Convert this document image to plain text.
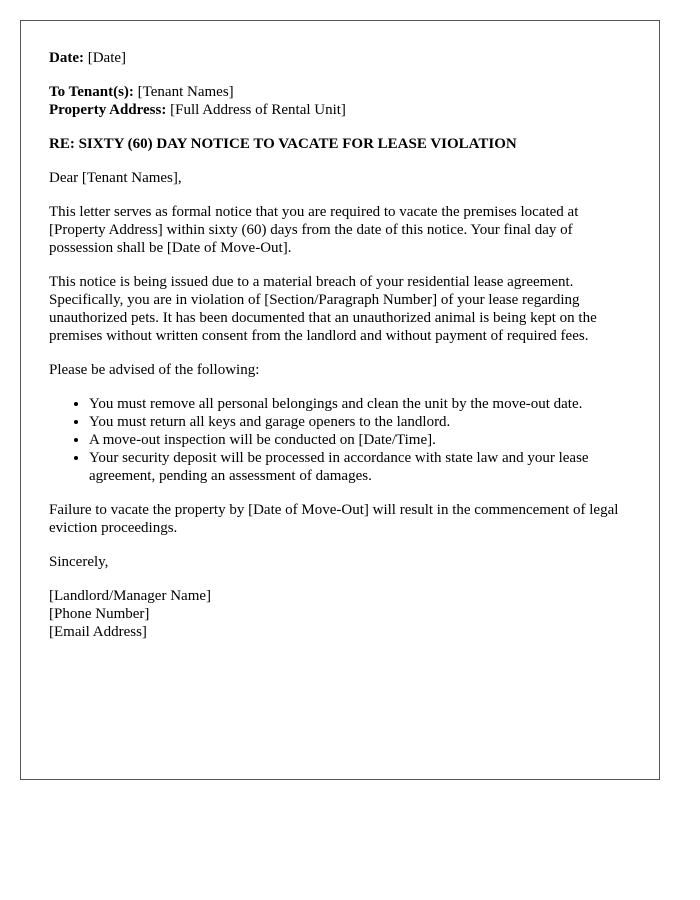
Date: [Date]

To Tenant(s): [Tenant Names]
Property Address: [Full Address of Rental Unit]

RE: SIXTY (60) DAY NOTICE TO VACATE FOR LEASE VIOLATION

Dear [Tenant Names],

This letter serves as formal notice that you are required to vacate the premises located at [Property Address] within sixty (60) days from the date of this notice. Your final day of possession shall be [Date of Move-Out].

This notice is being issued due to a material breach of your residential lease agreement. Specifically, you are in violation of [Section/Paragraph Number] of your lease regarding unauthorized pets. It has been documented that an unauthorized animal is being kept on the premises without written consent from the landlord and without payment of required fees.

Please be advised of the following:

• You must remove all personal belongings and clean the unit by the move-out date.
• You must return all keys and garage openers to the landlord.
• A move-out inspection will be conducted on [Date/Time].
• Your security deposit will be processed in accordance with state law and your lease agreement, pending an assessment of damages.

Failure to vacate the property by [Date of Move-Out] will result in the commencement of legal eviction proceedings.

Sincerely,

[Landlord/Manager Name]
[Phone Number]
[Email Address]
